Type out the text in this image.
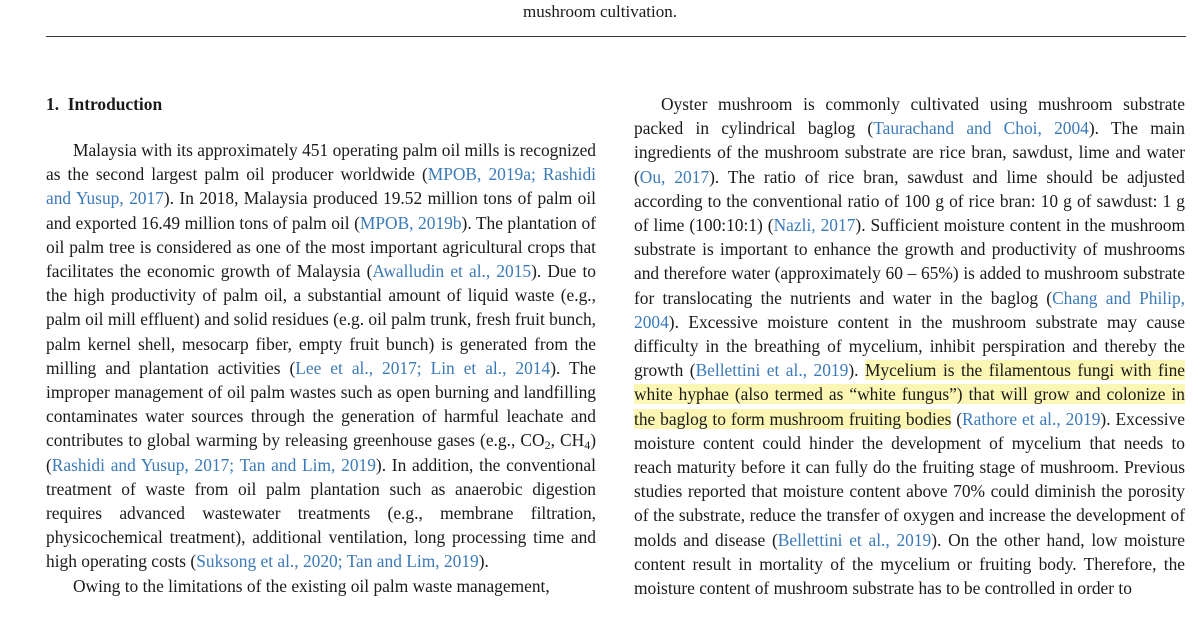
mushroom cultivation.
1. Introduction

Malaysia with its approximately 451 operating palm oil mills is recognized as the second largest palm oil producer worldwide (MPOB, 2019a; Rashidi and Yusup, 2017). In 2018, Malaysia produced 19.52 million tons of palm oil and exported 16.49 million tons of palm oil (MPOB, 2019b). The plantation of oil palm tree is considered as one of the most important agricultural crops that facilitates the economic growth of Malaysia (Awalludin et al., 2015). Due to the high productivity of palm oil, a substantial amount of liquid waste (e.g., palm oil mill effluent) and solid residues (e.g. oil palm trunk, fresh fruit bunch, palm kernel shell, mesocarp fiber, empty fruit bunch) is generated from the milling and plantation activities (Lee et al., 2017; Lin et al., 2014). The improper management of oil palm wastes such as open burning and landfilling contaminates water sources through the generation of harmful leachate and contributes to global warming by releasing greenhouse gases (e.g., $CO_2$, $CH_4$) (Rashidi and Yusup, 2017; Tan and Lim, 2019). In addition, the conventional treatment of waste from oil palm plantation such as anaerobic digestion requires advanced wastewater treatments (e.g., membrane filtration, physicochemical treatment), additional ventilation, long processing time and high operating costs (Suksong et al., 2020; Tan and Lim, 2019).

Owing to the limitations of the existing oil palm waste management,

Oyster mushroom is commonly cultivated using mushroom substrate packed in cylindrical baglog (Taurachand and Choi, 2004). The main ingredients of the mushroom substrate are rice bran, sawdust, lime and water (Ou, 2017). The ratio of rice bran, sawdust and lime should be adjusted according to the conventional ratio of 100 g of rice bran: 10 g of sawdust: 1 g of lime (100:10:1) (Nazli, 2017). Sufficient moisture content in the mushroom substrate is important to enhance the growth and productivity of mushrooms and therefore water (approximately 60 – 65%) is added to mushroom substrate for translocating the nutrients and water in the baglog (Chang and Philip, 2004). Excessive moisture content in the mushroom substrate may cause difficulty in the breathing of mycelium, inhibit perspiration and thereby the growth (Bellettini et al., 2019). Mycelium is the filamentous fungi with fine white hyphae (also termed as “white fungus”) that will grow and colonize in the baglog to form mushroom fruiting bodies (Rathore et al., 2019). Excessive moisture content could hinder the development of mycelium that needs to reach maturity before it can fully do the fruiting stage of mushroom. Previous studies reported that moisture content above 70% could diminish the porosity of the substrate, reduce the transfer of oxygen and increase the development of molds and disease (Bellettini et al., 2019). On the other hand, low moisture content result in mortality of the mycelium or fruiting body. Therefore, the moisture content of mushroom substrate has to be controlled in order to
